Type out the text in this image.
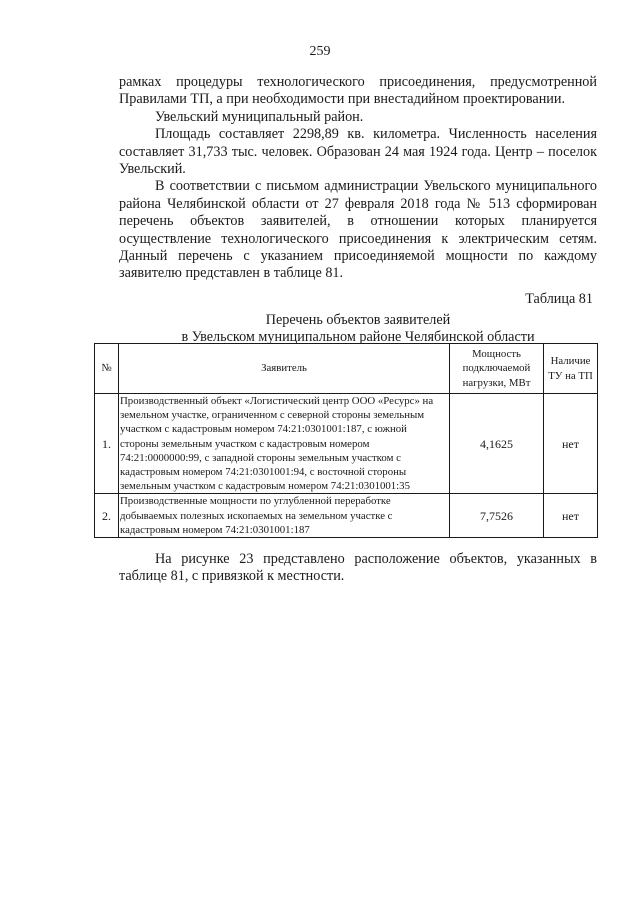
259

рамках процедуры технологического присоединения, предусмотренной Правилами ТП, а при необходимости при внестадийном проектировании.

Увельский муниципальный район.

Площадь составляет 2298,89 кв. километра. Численность населения составляет 31,733 тыс. человек. Образован 24 мая 1924 года. Центр – поселок Увельский.

В соответствии с письмом администрации Увельского муниципального района Челябинской области от 27 февраля 2018 года № 513 сформирован перечень объектов заявителей, в отношении которых планируется осуществление технологического присоединения к электрическим сетям. Данный перечень с указанием присоединяемой мощности по каждому заявителю представлен в таблице 81.

Таблица 81
Перечень объектов заявителей
в Увельском муниципальном районе Челябинской области
№	Заявитель	Мощность подключаемой нагрузки, МВт	Наличие ТУ на ТП
1.	Производственный объект «Логистический центр ООО «Ресурс» на земельном участке, ограниченном с северной стороны земельным участком с кадастровым номером 74:21:0301001:187, с южной стороны земельным участком с кадастровым номером 74:21:0000000:99, с западной стороны земельным участком с кадастровым номером 74:21:0301001:94, с восточной стороны земельным участком с кадастровым номером 74:21:0301001:35	4,1625	нет
2.	Производственные мощности по углубленной переработке добываемых полезных ископаемых на земельном участке с кадастровым номером 74:21:0301001:187	7,7526	нет

На рисунке 23 представлено расположение объектов, указанных в таблице 81, с привязкой к местности.
